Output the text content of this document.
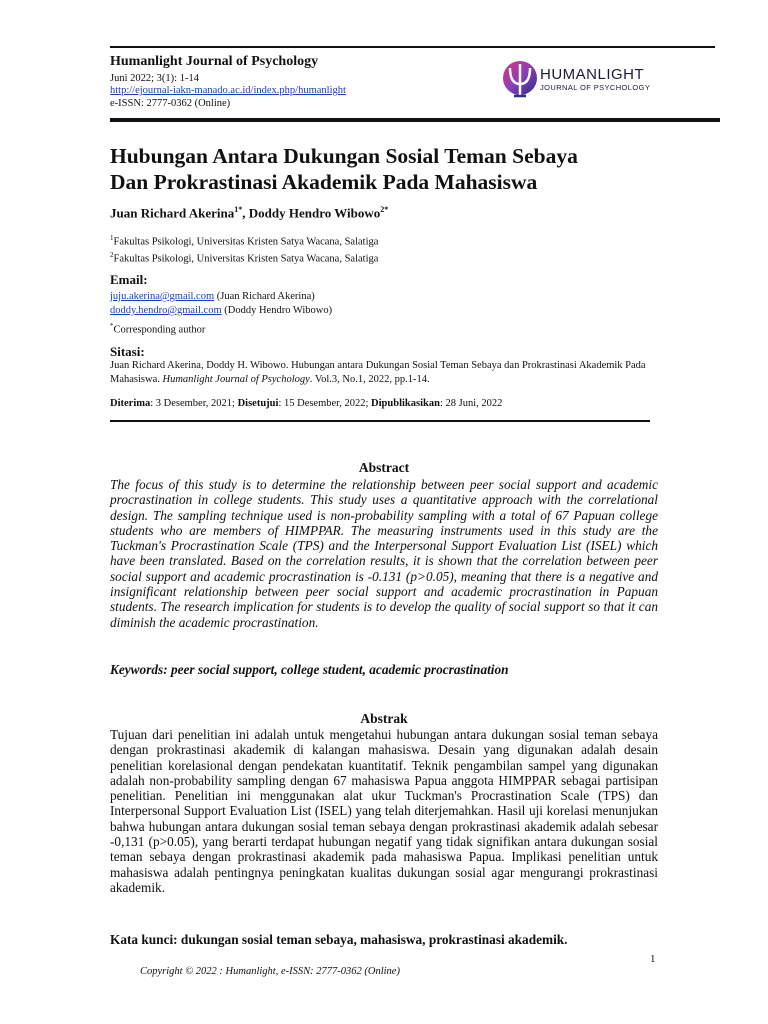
Humanlight Journal of Psychology
Juni 2022; 3(1): 1-14
http://ejournal-iakn-manado.ac.id/index.php/humanlight
e-ISSN: 2777-0362 (Online)
HUMANLIGHT
JOURNAL OF PSYCHOLOGY
Hubungan Antara Dukungan Sosial Teman Sebaya
Dan Prokrastinasi Akademik Pada Mahasiswa
Juan Richard Akerina$^{1*}$, Doddy Hendro Wibowo$^{2*}$
$^1$Fakultas Psikologi, Universitas Kristen Satya Wacana, Salatiga
$^2$Fakultas Psikologi, Universitas Kristen Satya Wacana, Salatiga
Email:
juju.akerina@gmail.com (Juan Richard Akerina)
doddy.hendro@gmail.com (Doddy Hendro Wibowo)
*Corresponding author
Sitasi:
Juan Richard Akerina, Doddy H. Wibowo. Hubungan antara Dukungan Sosial Teman Sebaya dan Prokrastinasi Akademik Pada Mahasiswa. Humanlight Journal of Psychology. Vol.3, No.1, 2022, pp.1-14.
Diterima: 3 Desember, 2021; Disetujui: 15 Desember, 2022; Dipublikasikan: 28 Juni, 2022
Abstract
The focus of this study is to determine the relationship between peer social support and academic procrastination in college students. This study uses a quantitative approach with the correlational design. The sampling technique used is non-probability sampling with a total of 67 Papuan college students who are members of HIMPPAR. The measuring instruments used in this study are the Tuckman's Procrastination Scale (TPS) and the Interpersonal Support Evaluation List (ISEL) which have been translated. Based on the correlation results, it is shown that the correlation between peer social support and academic procrastination is -0.131 (p>0.05), meaning that there is a negative and insignificant relationship between peer social support and academic procrastination in Papuan students. The research implication for students is to develop the quality of social support so that it can diminish the academic procrastination.
Keywords: peer social support, college student, academic procrastination
Abstrak
Tujuan dari penelitian ini adalah untuk mengetahui hubungan antara dukungan sosial teman sebaya dengan prokrastinasi akademik di kalangan mahasiswa. Desain yang digunakan adalah desain penelitian korelasional dengan pendekatan kuantitatif. Teknik pengambilan sampel yang digunakan adalah non-probability sampling dengan 67 mahasiswa Papua anggota HIMPPAR sebagai partisipan penelitian. Penelitian ini menggunakan alat ukur Tuckman's Procrastination Scale (TPS) dan Interpersonal Support Evaluation List (ISEL) yang telah diterjemahkan. Hasil uji korelasi menunjukan bahwa hubungan antara dukungan sosial teman sebaya dengan prokrastinasi akademik adalah sebesar -0,131 (p>0.05), yang berarti terdapat hubungan negatif yang tidak signifikan antara dukungan sosial teman sebaya dengan prokrastinasi akademik pada mahasiswa Papua. Implikasi penelitian untuk mahasiswa adalah pentingnya peningkatan kualitas dukungan sosial agar mengurangi prokrastinasi akademik.
Kata kunci: dukungan sosial teman sebaya, mahasiswa, prokrastinasi akademik.
1
Copyright © 2022 : Humanlight, e-ISSN: 2777-0362 (Online)
